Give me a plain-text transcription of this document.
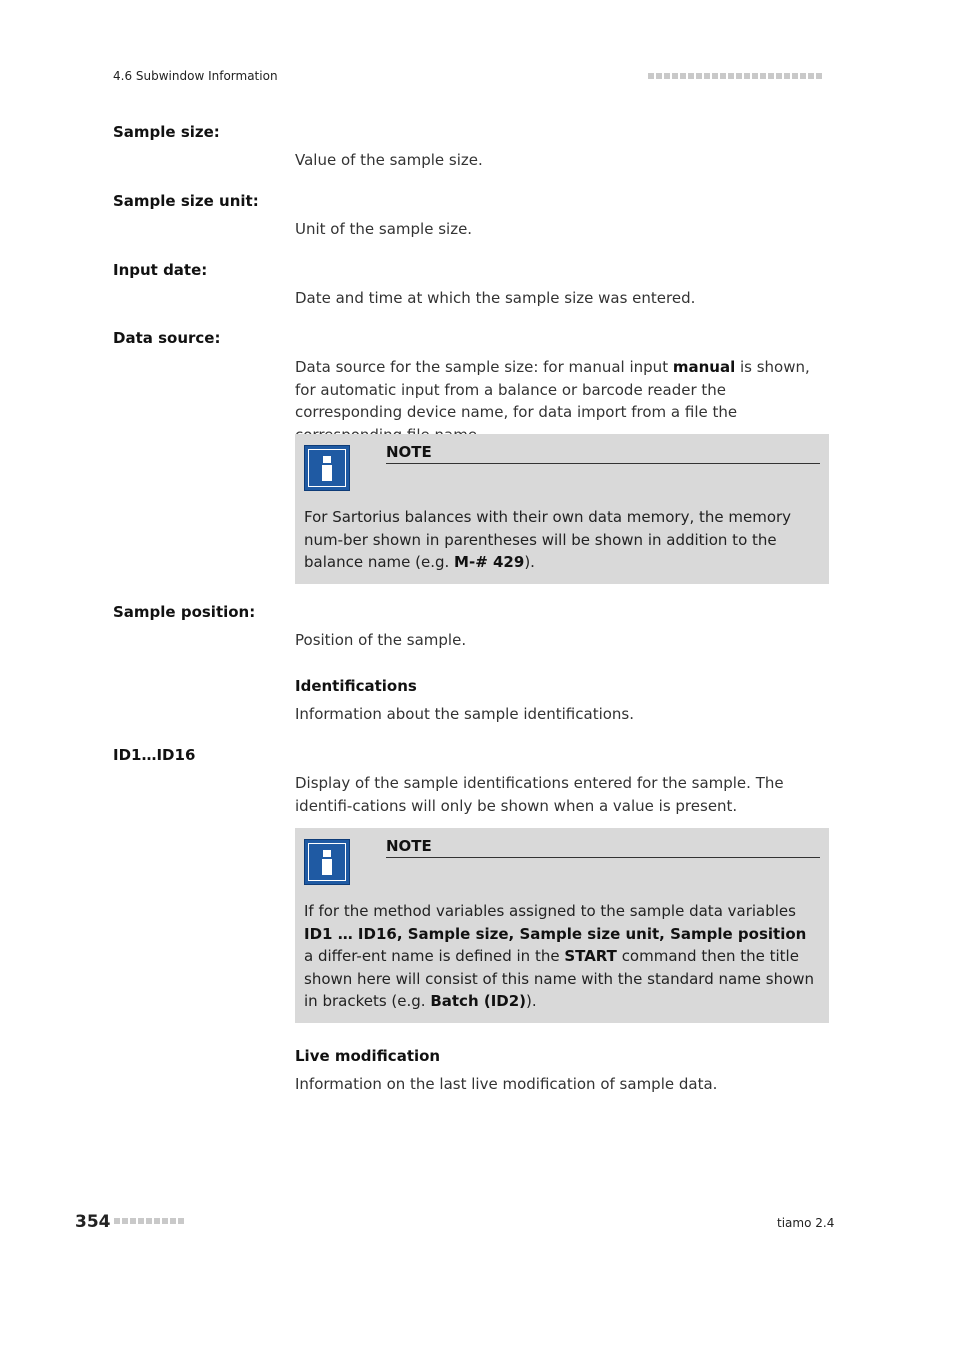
4.6 Subwindow Information
Sample size:
Value of the sample size.
Sample size unit:
Unit of the sample size.
Input date:
Date and time at which the sample size was entered.
Data source:
Data source for the sample size: for manual input manual is shown, for automatic input from a balance or barcode reader the corresponding device name, for data import from a file the
NOTE
For Sartorius balances with their own data memory, the memory num-ber shown in parentheses will be shown in addition to the balance name (e.g. M-# 429).
Sample position:
Position of the sample.
Identifications
Information about the sample identifications.
ID1…ID16
Display of the sample identifications entered for the sample. The identifi-cations will only be shown when a value is present.
NOTE
If for the method variables assigned to the sample data variables ID1 … ID16, Sample size, Sample size unit, Sample position a differ-ent name is defined in the START command then the title shown here will consist of this name with the standard name shown in brackets (e.g. Batch (ID2)).
Live modification
Information on the last live modification of sample data.
354	tiamo 2.4
